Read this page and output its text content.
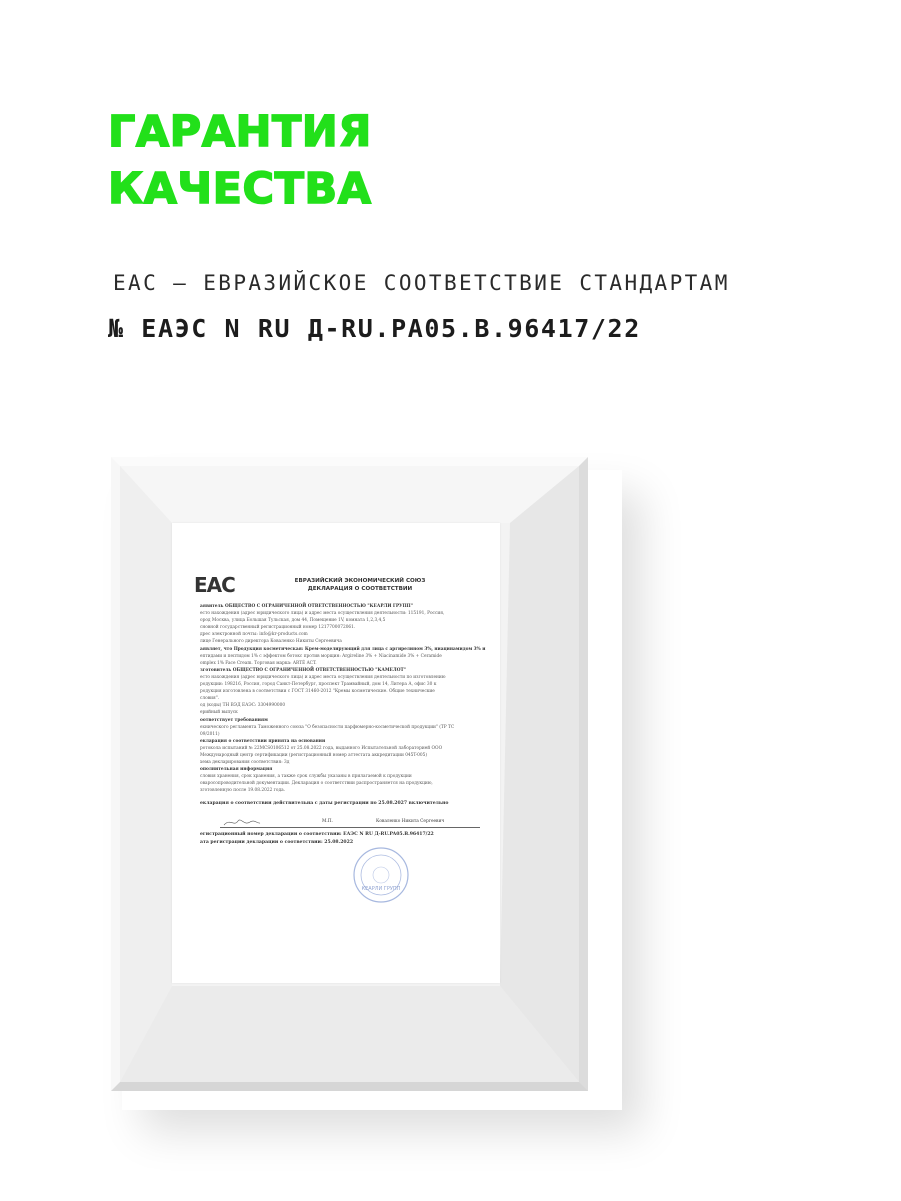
ГАРАНТИЯ
КАЧЕСТВА
ЕАС – ЕВРАЗИЙСКОЕ СООТВЕТСТВИЕ СТАНДАРТАМ
№ ЕАЭС N RU Д-RU.PA05.B.96417/22
EAC	ЕВРАЗИЙСКИЙ ЭКОНОМИЧЕСКИЙ СОЮЗ
ДЕКЛАРАЦИЯ О СООТВЕТСТВИИ
аявитель ОБЩЕСТВО С ОГРАНИЧЕННОЙ ОТВЕТСТВЕННОСТЬЮ "КЕАРЛИ ГРУПП"
есто нахождения (адрес юридического лица) и адрес места осуществления деятельности: 115191, Россия,
ород Москва, улица Большая Тульская, дом 44, Помещение 1V, комната 1,2,3,4,5
сновной государственный регистрационный номер 1217700072061.
дрес электронной почты: info@kr-products.com
лице Генерального директора Коваленко Никиты Сергеевича
аявляет, что Продукция косметическая: Крем-моделирующий для лица с аргирелином 3%, ниацинамидом 3% и
ептидами и пептидом 1% с эффектом ботокс против морщин: Argireline 3% + Niacinamide 3% + Ceramide
omplex 1% Face Cream. Торговая марка: ARTÉ ACT.
зготовитель ОБЩЕСТВО С ОГРАНИЧЕННОЙ ОТВЕТСТВЕННОСТЬЮ "КАМЕЛОТ"
есто нахождения (адрес юридического лица) и адрес места осуществления деятельности по изготовлению
родукции: 198216, Россия, город Санкт-Петербург, проспект Трамвайный, дом 14, Литера А, офис 30 к
родукция изготовлена в соответствии с ГОСТ 31460-2012 "Кремы косметические. Общие технические
словия".
од (коды) ТН ВЭД ЕАЭС: 3304990000
ерийный выпуск
оответствует требованиям
ехнического регламента Таможенного союза "О безопасности парфюмерно-косметической продукции" (ТР ТС
09/2011)
екларация о соответствии принята на основании
ротокола испытаний № 22MCS0106512 от 25.08.2022 года, выданного Испытательной лабораторией ООО
Международный центр сертификации (регистрационный номер аттестата аккредитации 045T-005)
хема декларирования соответствия: 3д
ополнительная информация
словия хранения, срок хранения, а также срок службы указаны в прилагаемой к продукции
оваросопроводительной документации. Декларация о соответствии распространяется на продукцию,
зготовленную после 19.08.2022 года.
екларация о соответствии действительна с даты регистрации по 25.08.2027 включительно
М.П.	Коваленко Никита Сергеевич
егистрационный номер декларации о соответствии: ЕАЭС N RU Д-RU.PA05.B.96417/22
ата регистрации декларации о соответствии: 25.08.2022
КЕАРЛИ ГРУПП
